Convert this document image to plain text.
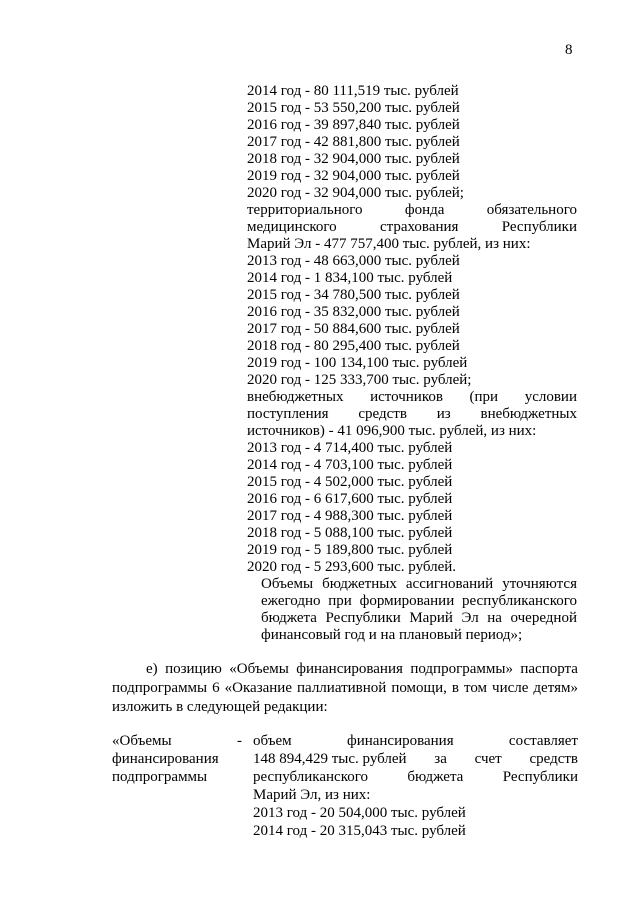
8
2014 год - 80 111,519 тыс. рублей
2015 год - 53 550,200 тыс. рублей
2016 год - 39 897,840 тыс. рублей
2017 год - 42 881,800 тыс. рублей
2018 год - 32 904,000 тыс. рублей
2019 год - 32 904,000 тыс. рублей
2020 год - 32 904,000 тыс. рублей;
территориального	фонда	обязательного
медицинского	страхования	Республики
Марий Эл - 477 757,400 тыс. рублей, из них:
2013 год - 48 663,000 тыс. рублей
2014 год - 1 834,100 тыс. рублей
2015 год - 34 780,500 тыс. рублей
2016 год - 35 832,000 тыс. рублей
2017 год - 50 884,600 тыс. рублей
2018 год - 80 295,400 тыс. рублей
2019 год - 100 134,100 тыс. рублей
2020 год - 125 333,700 тыс. рублей;
внебюджетных источников (при условии
поступления средств из внебюджетных
источников) - 41 096,900 тыс. рублей, из них:
2013 год - 4 714,400 тыс. рублей
2014 год - 4 703,100 тыс. рублей
2015 год - 4 502,000 тыс. рублей
2016 год - 6 617,600 тыс. рублей
2017 год - 4 988,300 тыс. рублей
2018 год - 5 088,100 тыс. рублей
2019 год - 5 189,800 тыс. рублей
2020 год - 5 293,600 тыс. рублей.
Объемы бюджетных ассигнований уточняются
ежегодно при формировании республиканского
бюджета Республики Марий Эл на очередной
финансовый год и на плановый период»;
е) позицию «Объемы финансирования подпрограммы» паспорта
подпрограммы 6 «Оказание паллиативной помощи, в том числе детям»
изложить в следующей редакции:
«Объемы	-
финансирования
подпрограммы
объем	финансирования	составляет
148 894,429 тыс. рублей за счет средств
республиканского	бюджета	Республики
Марий Эл, из них:
2013 год - 20 504,000 тыс. рублей
2014 год - 20 315,043 тыс. рублей
